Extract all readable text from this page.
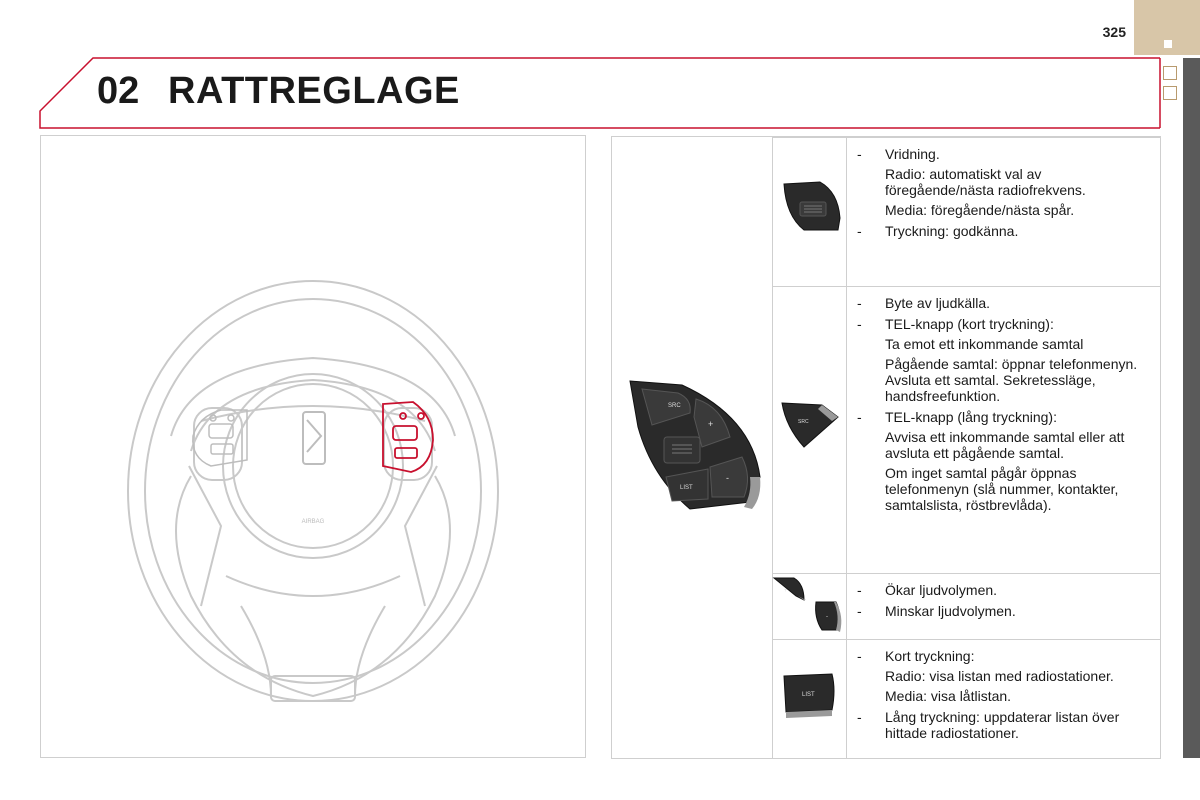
325
02 RATTREGLAGE
AIRBAG
SRC
+
-
LIST
- Vridning.
Radio: automatiskt val av föregående/nästa radiofrekvens.
Media: föregående/nästa spår.
- Tryckning: godkänna.
SRC
- Byte av ljudkälla.
- TEL-knapp (kort tryckning):
Ta emot ett inkommande samtal
Pågående samtal: öppnar telefonmenyn. Avsluta ett samtal. Sekretessläge, handsfreefunktion.
- TEL-knapp (lång tryckning):
Avvisa ett inkommande samtal eller att avsluta ett pågående samtal.
Om inget samtal pågår öppnas telefonmenyn (slå nummer, kontakter, samtalslista, röstbrevlåda).
+
-
- Ökar ljudvolymen.
- Minskar ljudvolymen.
LIST
- Kort tryckning:
Radio: visa listan med radiostationer.
Media: visa låtlistan.
- Lång tryckning: uppdaterar listan över hittade radiostationer.
